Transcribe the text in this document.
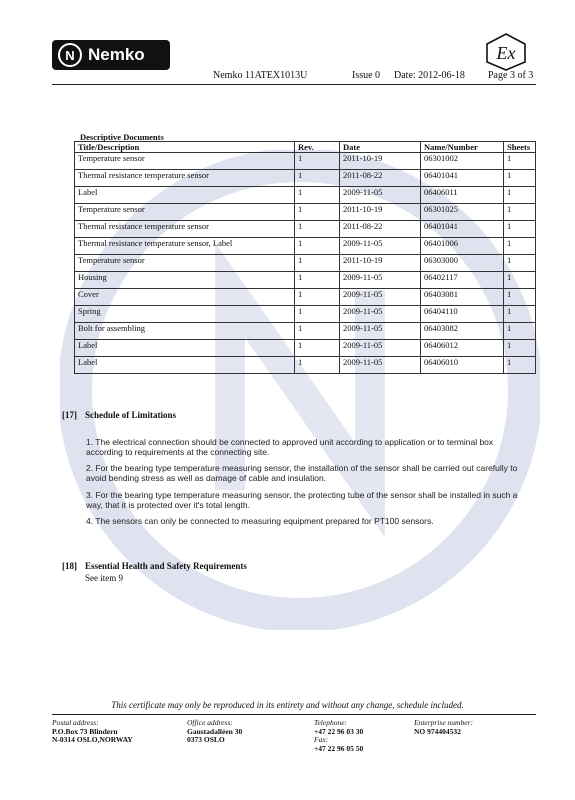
N Nemko	Ex
Nemko 11ATEX1013U	Issue 0 Date: 2012-06-18 Page 3 of 3
Descriptive Documents
Title/Description	Rev.	Date	Name/Number	Sheets
Temperature sensor	1	2011-10-19	06301002	1
Thermal resistance temperature sensor	1	2011-08-22	06401041	1
Label	1	2009-11-05	06406011	1
Temperature sensor	1	2011-10-19	06301025	1
Thermal resistance temperature sensor	1	2011-08-22	06401041	1
Thermal resistance temperature sensor, Label	1	2009-11-05	06401006	1
Temperature sensor	1	2011-10-19	06303000	1
Housing	1	2009-11-05	06402117	1
Cover	1	2009-11-05	06403081	1
Spring	1	2009-11-05	06404110	1
Bolt for assembling	1	2009-11-05	06403082	1
Label	1	2009-11-05	06406012	1
Label	1	2009-11-05	06406010	1
[17] Schedule of Limitations
1. The electrical connection should be connected to approved unit according to application or to terminal box according to requirements at the connecting site.
2. For the bearing type temperature measuring sensor, the installation of the sensor shall be carried out carefully to avoid bending stress as well as damage of cable and insulation.
3. For the bearing type temperature measuring sensor, the protecting tube of the sensor shall be installed in such a way, that it is protected over it's total length.
4. The sensors can only be connected to measuring equipment prepared for PT100 sensors.
[18] Essential Health and Safety Requirements
See item 9
This certificate may only be reproduced in its entirety and without any change, schedule included.
Postal address:
P.O.Box 73 Blindern
N-0314 OSLO,NORWAY
Office address:
Gaustadalléen 30
0373 OSLO
Telephone:
+47 22 96 03 30
Fax:
+47 22 96 05 50
Enterprise number:
NO 974404532
